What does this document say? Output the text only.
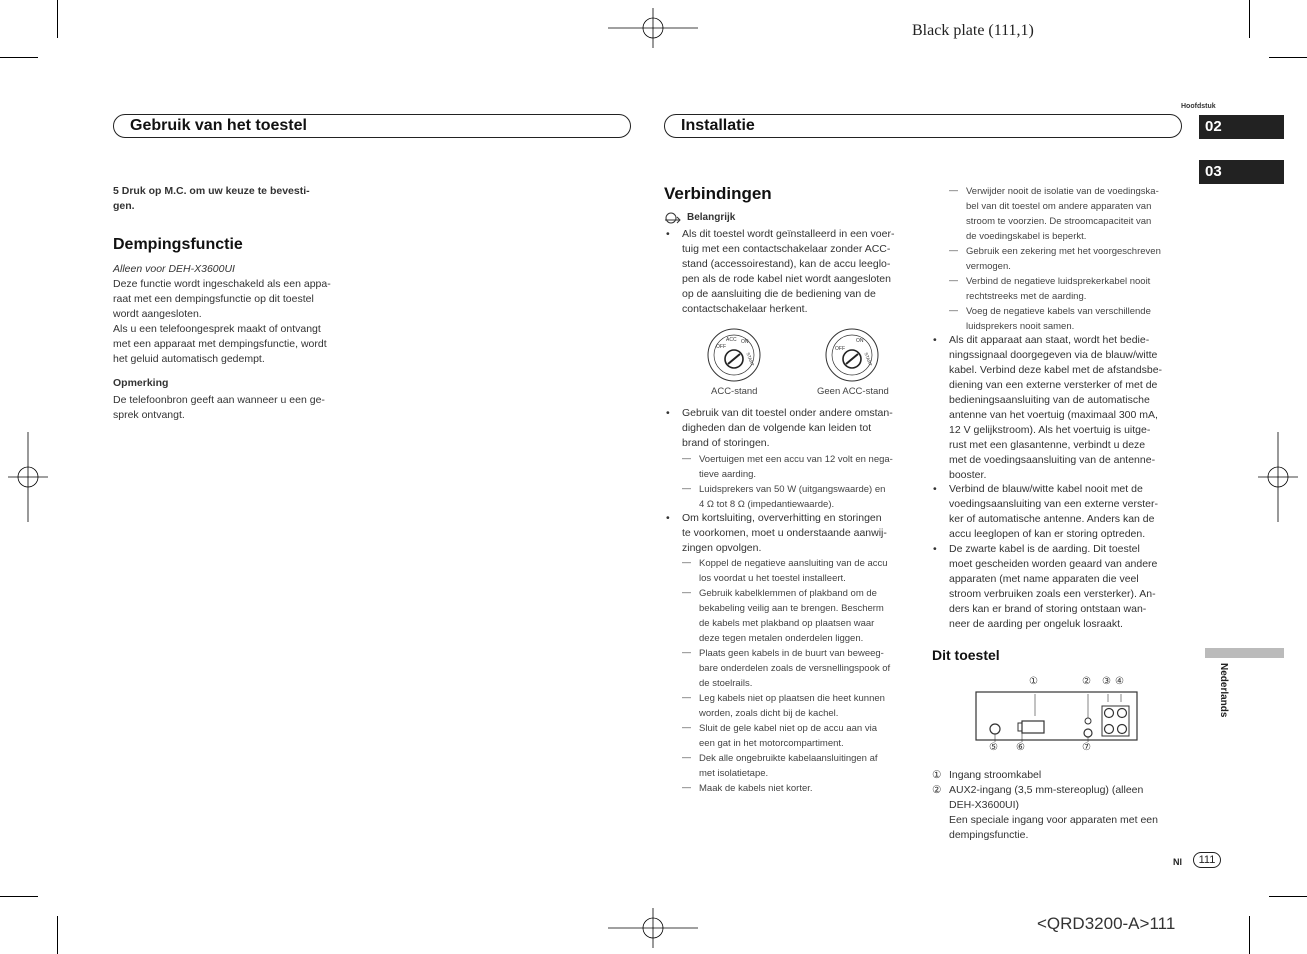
Black plate (111,1)
Gebruik van het toestel	Installatie
Hoofdstuk
02
03
Nederlands
5 Druk op M.C. om uw keuze te bevesti-
gen.
Dempingsfunctie
Alleen voor DEH-X3600UI
Deze functie wordt ingeschakeld als een appa-
raat met een dempingsfunctie op dit toestel
wordt aangesloten.
Als u een telefoongesprek maakt of ontvangt
met een apparaat met dempingsfunctie, wordt
het geluid automatisch gedempt.
Opmerking
De telefoonbron geeft aan wanneer u een ge-
sprek ontvangt.
Verbindingen
Belangrijk
• Als dit toestel wordt geïnstalleerd in een voer-
tuig met een contactschakelaar zonder ACC-
stand (accessoirestand), kan de accu leeglo-
pen als de rode kabel niet wordt aangesloten
op de aansluiting die de bediening van de
contactschakelaar herkent.
OFF
ACC ON
START
ACC-stand
OFF
ON
START
Geen ACC-stand
• Gebruik van dit toestel onder andere omstan-
digheden dan de volgende kan leiden tot
brand of storingen.
— Voertuigen met een accu van 12 volt en nega-
tieve aarding.
— Luidsprekers van 50 W (uitgangswaarde) en
4 Ω tot 8 Ω (impedantiewaarde).
• Om kortsluiting, oververhitting en storingen
te voorkomen, moet u onderstaande aanwij-
zingen opvolgen.
— Koppel de negatieve aansluiting van de accu
los voordat u het toestel installeert.
— Gebruik kabelklemmen of plakband om de
bekabeling veilig aan te brengen. Bescherm
de kabels met plakband op plaatsen waar
deze tegen metalen onderdelen liggen.
— Plaats geen kabels in de buurt van beweeg-
bare onderdelen zoals de versnellingspook of
de stoelrails.
— Leg kabels niet op plaatsen die heet kunnen
worden, zoals dicht bij de kachel.
— Sluit de gele kabel niet op de accu aan via
een gat in het motorcompartiment.
— Dek alle ongebruikte kabelaansluitingen af
met isolatietape.
— Maak de kabels niet korter.
— Verwijder nooit de isolatie van de voedingska-
bel van dit toestel om andere apparaten van
stroom te voorzien. De stroomcapaciteit van
de voedingskabel is beperkt.
— Gebruik een zekering met het voorgeschreven
vermogen.
— Verbind de negatieve luidsprekerkabel nooit
rechtstreeks met de aarding.
— Voeg de negatieve kabels van verschillende
luidsprekers nooit samen.
• Als dit apparaat aan staat, wordt het bedie-
ningssignaal doorgegeven via de blauw/witte
kabel. Verbind deze kabel met de afstandsbe-
diening van een externe versterker of met de
bedieningsaansluiting van de automatische
antenne van het voertuig (maximaal 300 mA,
12 V gelijkstroom). Als het voertuig is uitge-
rust met een glasantenne, verbindt u deze
met de voedingsaansluiting van de antenne-
booster.
• Verbind de blauw/witte kabel nooit met de
voedingsaansluiting van een externe verster-
ker of automatische antenne. Anders kan de
accu leeglopen of kan er storing optreden.
• De zwarte kabel is de aarding. Dit toestel
moet gescheiden worden geaard van andere
apparaten (met name apparaten die veel
stroom verbruiken zoals een versterker). An-
ders kan er brand of storing ontstaan wan-
neer de aarding per ongeluk losraakt.
Dit toestel
①	② ③ ④
⑤ ⑥	⑦
① Ingang stroomkabel
② AUX2-ingang (3,5 mm-stereoplug) (alleen
DEH-X3600UI)
Een speciale ingang voor apparaten met een
dempingsfunctie.
Nl	111
<QRD3200-A>111
